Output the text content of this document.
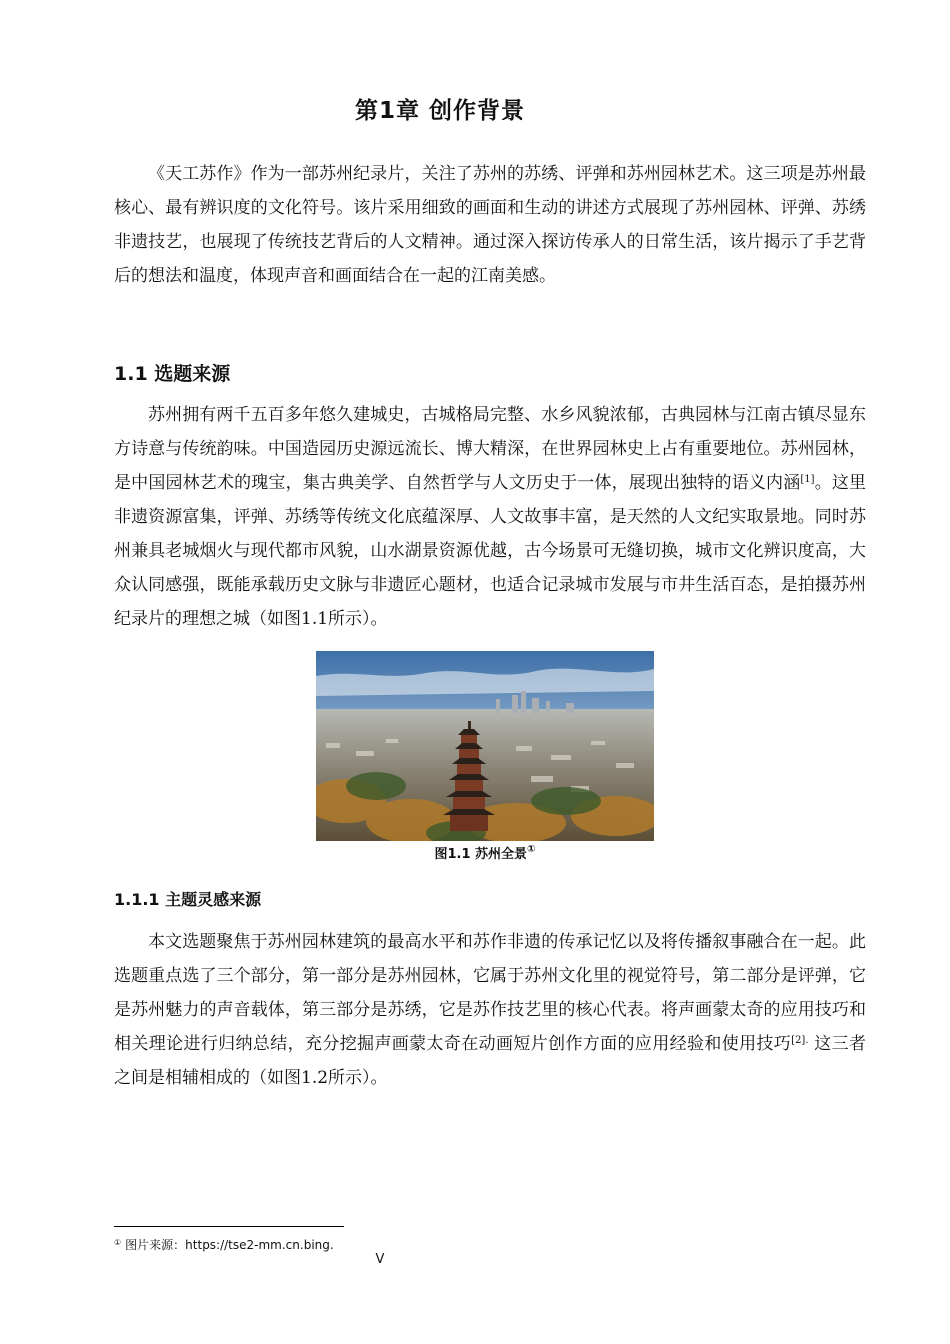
第1章 创作背景

《天工苏作》作为一部苏州纪录片，关注了苏州的苏绣、评弹和苏州园林艺术。这三项是苏州最核心、最有辨识度的文化符号。该片采用细致的画面和生动的讲述方式展现了苏州园林、评弹、苏绣非遗技艺，也展现了传统技艺背后的人文精神。通过深入探访传承人的日常生活，该片揭示了手艺背后的想法和温度，体现声音和画面结合在一起的江南美感。

1.1 选题来源

苏州拥有两千五百多年悠久建城史，古城格局完整、水乡风貌浓郁，古典园林与江南古镇尽显东方诗意与传统韵味。中国造园历史源远流长、博大精深，在世界园林史上占有重要地位。苏州园林，是中国园林艺术的瑰宝，集古典美学、自然哲学与人文历史于一体，展现出独特的语义内涵[1]。这里非遗资源富集，评弹、苏绣等传统文化底蕴深厚、人文故事丰富，是天然的人文纪实取景地。同时苏州兼具老城烟火与现代都市风貌，山水湖景资源优越，古今场景可无缝切换，城市文化辨识度高，大众认同感强，既能承载历史文脉与非遗匠心题材，也适合记录城市发展与市井生活百态，是拍摄苏州纪录片的理想之城（如图1.1所示）。

图1.1 苏州全景①
1.1.1 主题灵感来源

本文选题聚焦于苏州园林建筑的最高水平和苏作非遗的传承记忆以及将传播叙事融合在一起。此选题重点选了三个部分，第一部分是苏州园林，它属于苏州文化里的视觉符号，第二部分是评弹，它是苏州魅力的声音载体，第三部分是苏绣，它是苏作技艺里的核心代表。将声画蒙太奇的应用技巧和相关理论进行归纳总结，充分挖掘声画蒙太奇在动画短片创作方面的应用经验和使用技巧$^{[2].}$ 这三者之间是相辅相成的（如图1.2所示）。

① 图片来源：https://tse2-mm.cn.bing.
V
